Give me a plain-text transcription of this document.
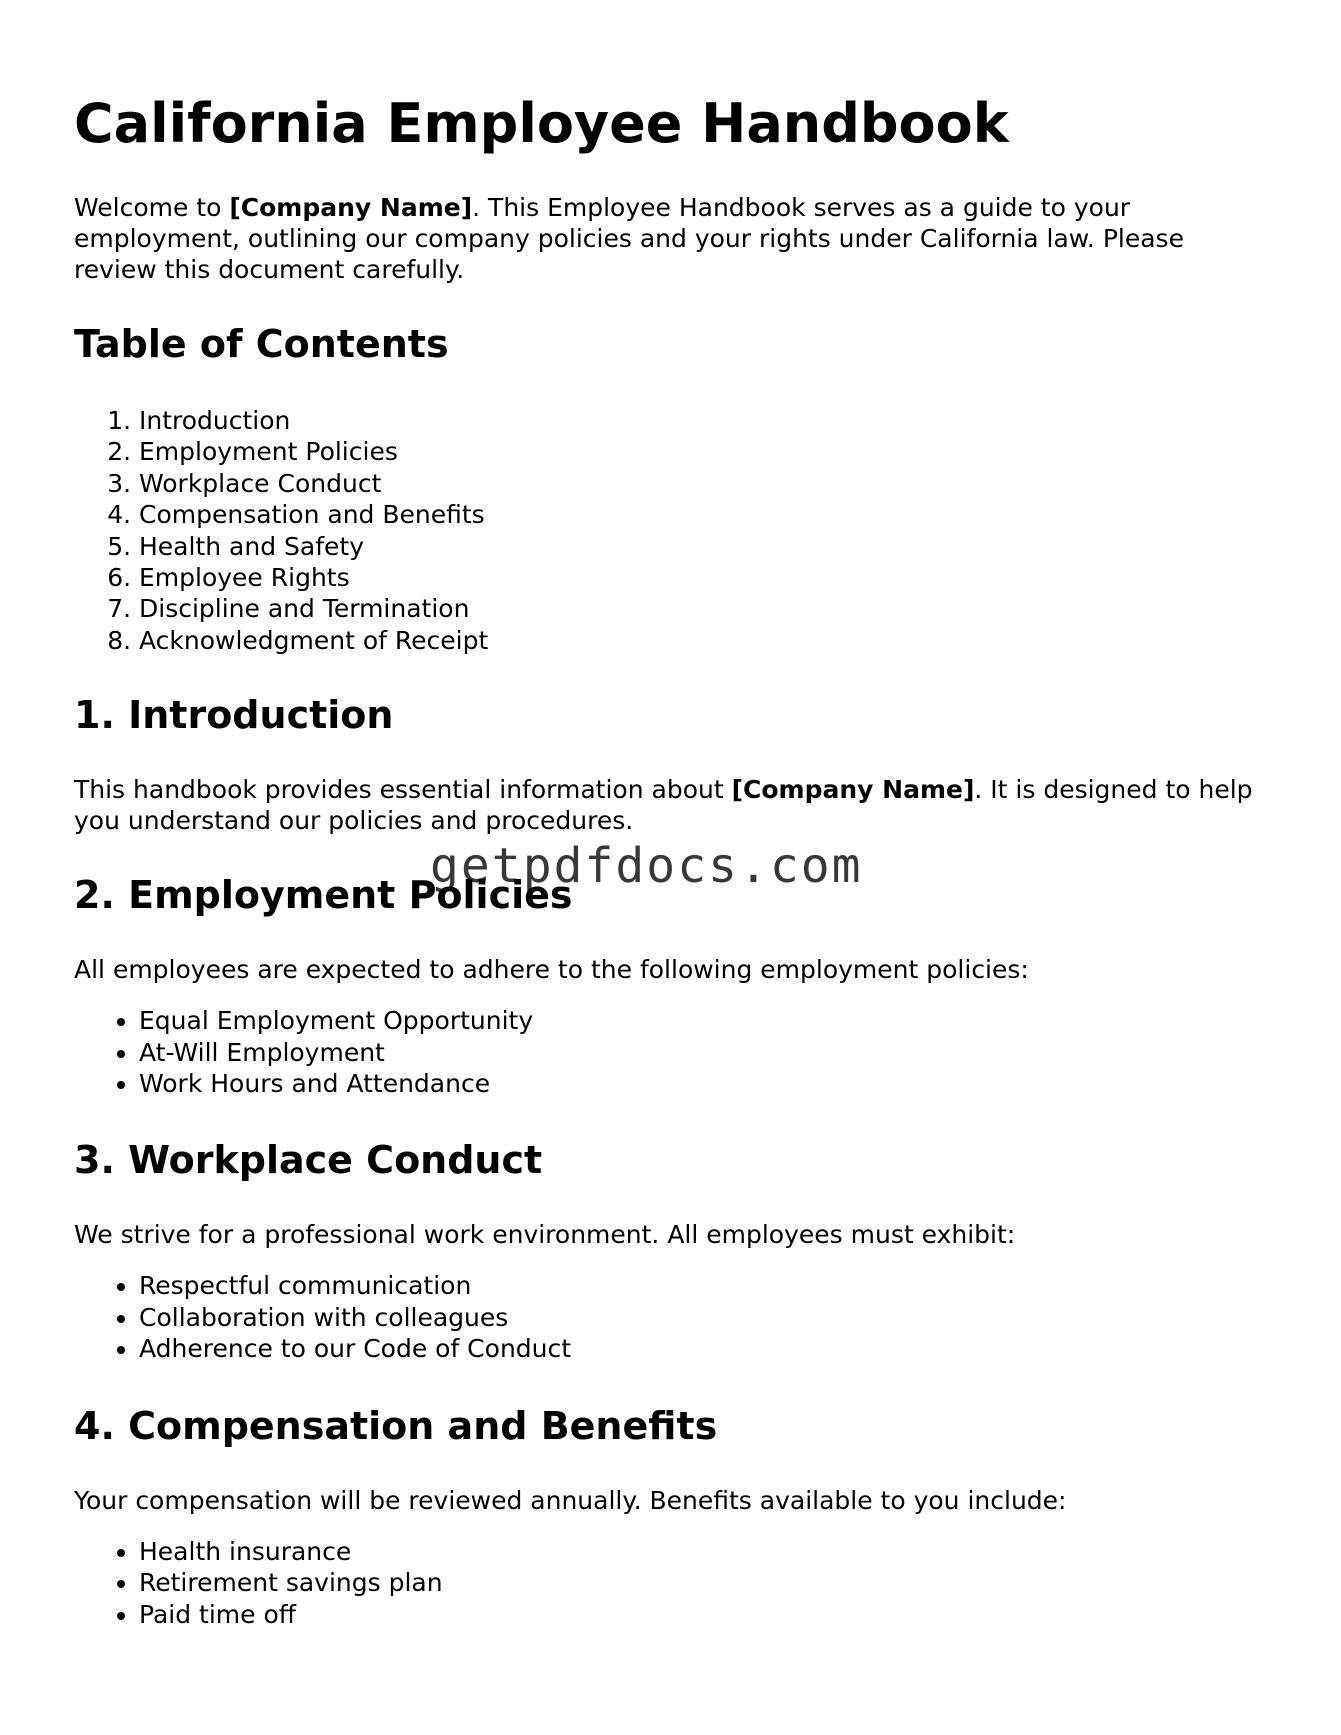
California Employee Handbook

Welcome to [Company Name]. This Employee Handbook serves as a guide to your employment, outlining our company policies and your rights under California law. Please review this document carefully.

Table of Contents
1. Introduction
2. Employment Policies
3. Workplace Conduct
4. Compensation and Benefits
5. Health and Safety
6. Employee Rights
7. Discipline and Termination
8. Acknowledgment of Receipt
1. Introduction

This handbook provides essential information about [Company Name]. It is designed to help you understand our policies and procedures.

2. Employment Policies

All employees are expected to adhere to the following employment policies:

• Equal Employment Opportunity
• At-Will Employment
• Work Hours and Attendance
3. Workplace Conduct

We strive for a professional work environment. All employees must exhibit:

• Respectful communication
• Collaboration with colleagues
• Adherence to our Code of Conduct
4. Compensation and Benefits

Your compensation will be reviewed annually. Benefits available to you include:

• Health insurance
• Retirement savings plan
• Paid time off
getpdfdocs.com
